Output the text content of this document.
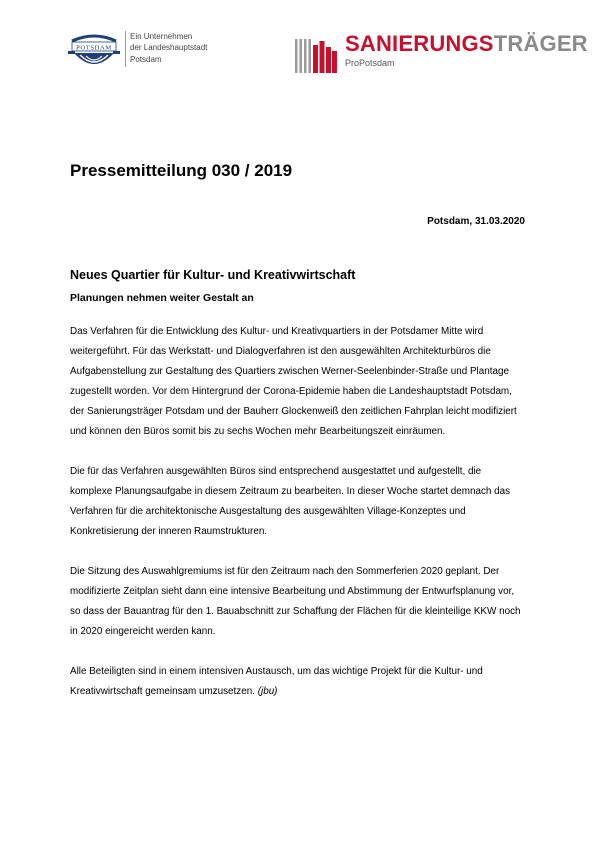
POTSDAM
Ein Unternehmen
der Landeshauptstadt
Potsdam
SANIERUNGSTRÄGER
ProPotsdam
Pressemitteilung 030 / 2019
Potsdam, 31.03.2020
Neues Quartier für Kultur- und Kreativwirtschaft
Planungen nehmen weiter Gestalt an

Das Verfahren für die Entwicklung des Kultur- und Kreativquartiers in der Potsdamer Mitte wird weitergeführt. Für das Werkstatt- und Dialogverfahren ist den ausgewählten Architekturbüros die Aufgabenstellung zur Gestaltung des Quartiers zwischen Werner-Seelenbinder-Straße und Plantage zugestellt worden. Vor dem Hintergrund der Corona-Epidemie haben die Landeshauptstadt Potsdam, der Sanierungsträger Potsdam und der Bauherr Glockenweiß den zeitlichen Fahrplan leicht modifiziert und können den Büros somit bis zu sechs Wochen mehr Bearbeitungszeit einräumen.

Die für das Verfahren ausgewählten Büros sind entsprechend ausgestattet und aufgestellt, die komplexe Planungsaufgabe in diesem Zeitraum zu bearbeiten. In dieser Woche startet demnach das Verfahren für die architektonische Ausgestaltung des ausgewählten Village-Konzeptes und Konkretisierung der inneren Raumstrukturen.

Die Sitzung des Auswahlgremiums ist für den Zeitraum nach den Sommerferien 2020 geplant. Der modifizierte Zeitplan sieht dann eine intensive Bearbeitung und Abstimmung der Entwurfsplanung vor, so dass der Bauantrag für den 1. Bauabschnitt zur Schaffung der Flächen für die kleinteilige KKW noch in 2020 eingereicht werden kann.

Alle Beteiligten sind in einem intensiven Austausch, um das wichtige Projekt für die Kultur- und Kreativwirtschaft gemeinsam umzusetzen. (jbu)
